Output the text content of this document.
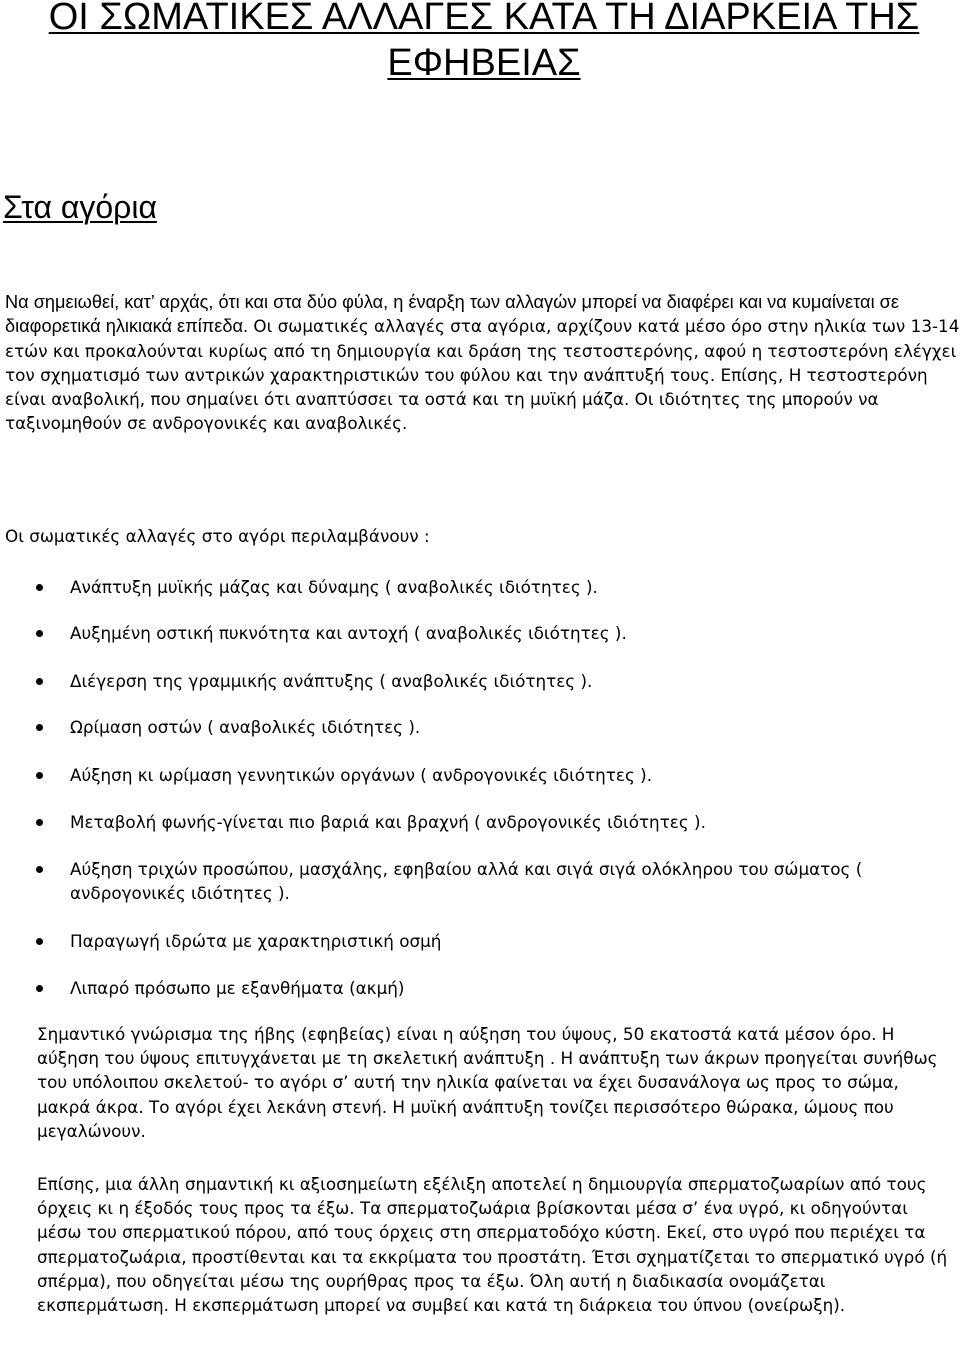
ΟΙ ΣΩΜΑΤΙΚΕΣ ΑΛΛΑΓΕΣ ΚΑΤΑ ΤΗ ΔΙΑΡΚΕΙΑ ΤΗΣ ΕΦΗΒΕΙΑΣ
Στα αγόρια

Να σημειωθεί, κατ’ αρχάς, ότι και στα δύο φύλα, η έναρξη των αλλαγών μπορεί να διαφέρει και να κυμαίνεται σε διαφορετικά ηλικιακά επίπεδα. Οι σωματικές αλλαγές στα αγόρια, αρχίζουν κατά μέσο όρο στην ηλικία των 13-14 ετών και προκαλούνται κυρίως από τη δημιουργία και δράση της τεστοστερόνης, αφού η τεστοστερόνη ελέγχει τον σχηματισμό των αντρικών χαρακτηριστικών του φύλου και την ανάπτυξή τους. Επίσης, Η τεστοστερόνη είναι αναβολική, που σημαίνει ότι αναπτύσσει τα οστά και τη μυϊκή μάζα. Οι ιδιότητες της μπορούν να ταξινομηθούν σε ανδρογονικές και αναβολικές.

Οι σωματικές αλλαγές στο αγόρι περιλαμβάνουν :

Ανάπτυξη μυϊκής μάζας και δύναμης ( αναβολικές ιδιότητες ).
Αυξημένη οστική πυκνότητα και αντοχή ( αναβολικές ιδιότητες ).
Διέγερση της γραμμικής ανάπτυξης ( αναβολικές ιδιότητες ).
Ωρίμαση οστών ( αναβολικές ιδιότητες ).
Αύξηση κι ωρίμαση γεννητικών οργάνων ( ανδρογονικές ιδιότητες ).
Μεταβολή φωνής-γίνεται πιο βαριά και βραχνή ( ανδρογονικές ιδιότητες ).
Αύξηση τριχών προσώπου, μασχάλης, εφηβαίου αλλά και σιγά σιγά ολόκληρου του σώματος ( ανδρογονικές ιδιότητες ).
Παραγωγή ιδρώτα με χαρακτηριστική οσμή
Λιπαρό πρόσωπο με εξανθήματα (ακμή)

Σημαντικό γνώρισμα της ήβης (εφηβείας) είναι η αύξηση του ύψους, 50 εκατοστά κατά μέσον όρο. Η αύξηση του ύψους επιτυγχάνεται με τη σκελετική ανάπτυξη . Η ανάπτυξη των άκρων προηγείται συνήθως του υπόλοιπου σκελετού- το αγόρι σ’ αυτή την ηλικία φαίνεται να έχει δυσανάλογα ως προς το σώμα, μακρά άκρα. Το αγόρι έχει λεκάνη στενή. Η μυϊκή ανάπτυξη τονίζει περισσότερο θώρακα, ώμους που μεγαλώνουν.

Επίσης, μια άλλη σημαντική κι αξιοσημείωτη εξέλιξη αποτελεί η δημιουργία σπερματοζωαρίων από τους όρχεις κι η έξοδός τους προς τα έξω. Τα σπερματοζωάρια βρίσκονται μέσα σ’ ένα υγρό, κι οδηγούνται μέσω του σπερματικού πόρου, από τους όρχεις στη σπερματοδόχο κύστη. Εκεί, στο υγρό που περιέχει τα σπερματοζωάρια, προστίθενται και τα εκκρίματα του προστάτη. Έτσι σχηματίζεται το σπερματικό υγρό (ή σπέρμα), που οδηγείται μέσω της ουρήθρας προς τα έξω. Όλη αυτή η διαδικασία ονομάζεται εκσπερμάτωση. Η εκσπερμάτωση μπορεί να συμβεί και κατά τη διάρκεια του ύπνου (ονείρωξη).
